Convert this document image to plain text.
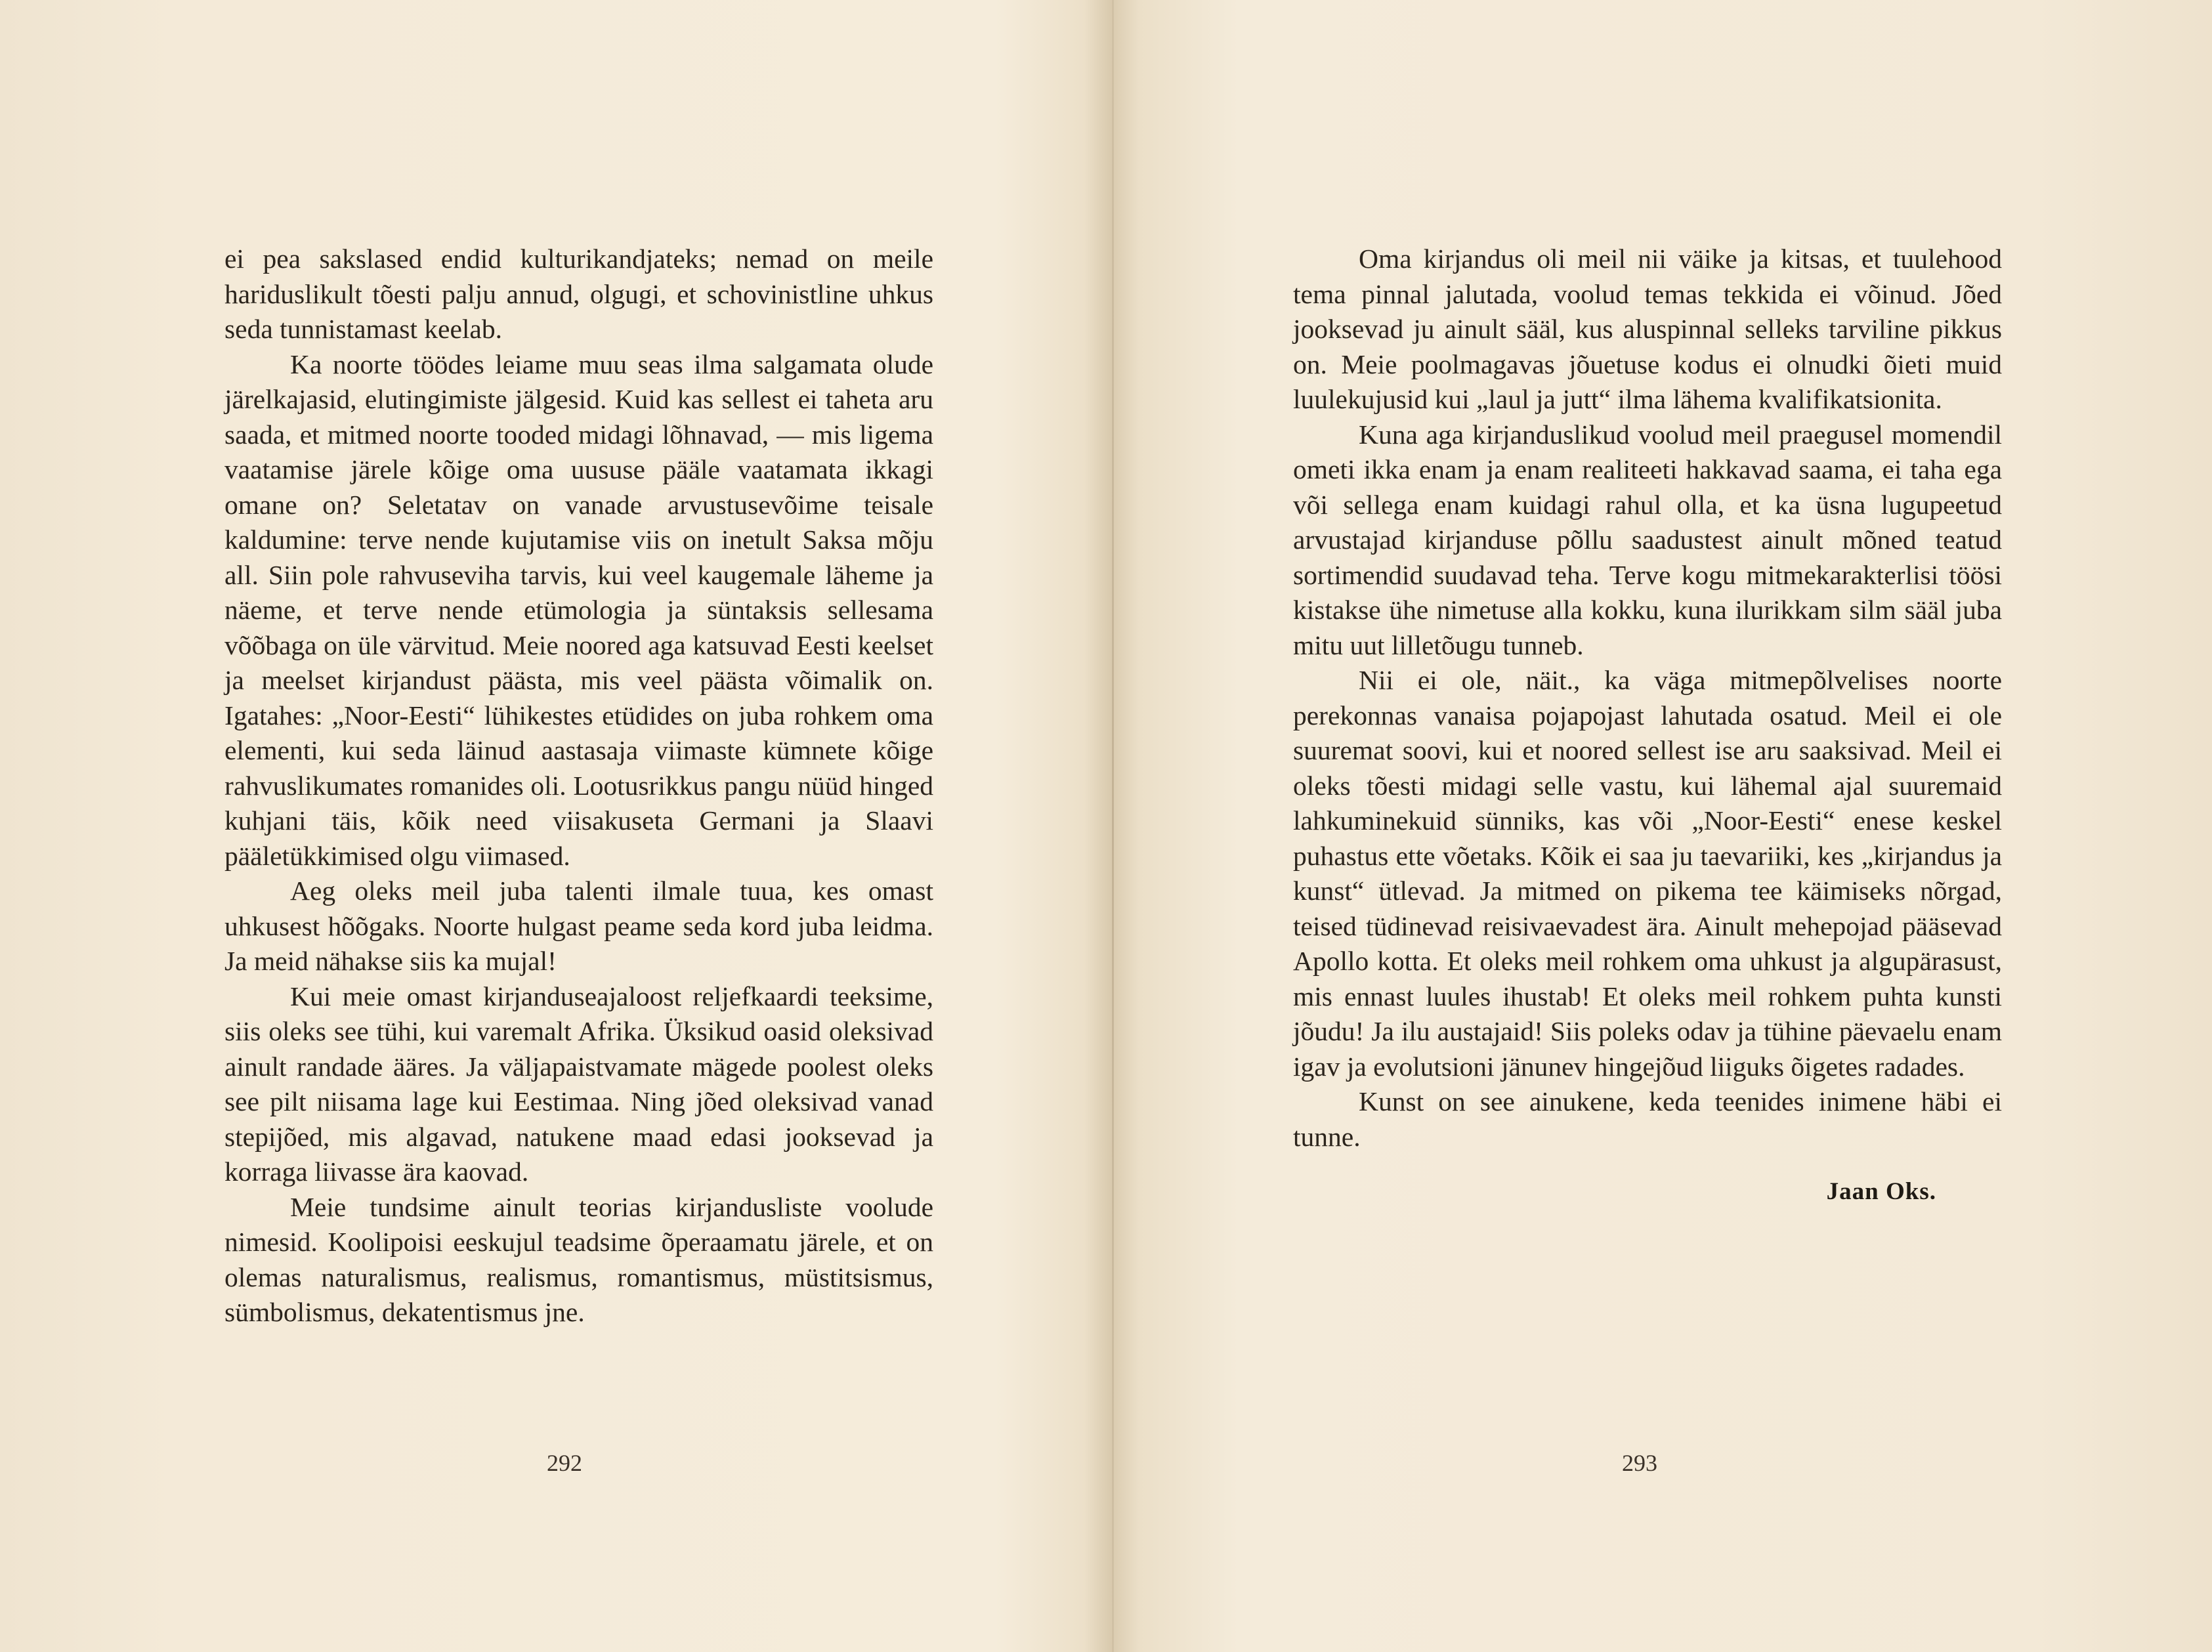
ei pea sakslased endid kulturikandjateks; nemad on meile hariduslikult tõesti palju annud, olgugi, et schovinistline uhkus seda tunnistamast keelab.

Ka noorte töödes leiame muu seas ilma salgamata olude järelkajasid, elutingimiste jälgesid. Kuid kas sellest ei taheta aru saada, et mitmed noorte tooded midagi lõhnavad, — mis ligema vaatamise järele kõige oma uususe pääle vaatamata ikkagi omane on? Seletatav on vanade arvustusevõime teisale kaldumine: terve nende kujutamise viis on inetult Saksa mõju all. Siin pole rahvuseviha tarvis, kui veel kaugemale läheme ja näeme, et terve nende etümologia ja süntaksis sellesama võõbaga on üle värvitud. Meie noored aga katsuvad Eesti keelset ja meelset kirjandust päästa, mis veel päästa võimalik on. Igatahes: „Noor-Eesti“ lühikestes etüdides on juba rohkem oma elementi, kui seda läinud aastasaja viimaste kümnete kõige rahvuslikumates romanides oli. Lootusrikkus pangu nüüd hinged kuhjani täis, kõik need viisakuseta Germani ja Slaavi pääletükkimised olgu viimased.

Aeg oleks meil juba talenti ilmale tuua, kes omast uhkusest hõõgaks. Noorte hulgast peame seda kord juba leidma. Ja meid nähakse siis ka mujal!

Kui meie omast kirjanduseajaloost reljefkaardi teeksime, siis oleks see tühi, kui varemalt Afrika. Üksikud oasid oleksivad ainult randade ääres. Ja väljapaistvamate mägede poolest oleks see pilt niisama lage kui Eestimaa. Ning jõed oleksivad vanad stepijõed, mis algavad, natukene maad edasi jooksevad ja korraga liivasse ära kaovad.

Meie tundsime ainult teorias kirjandusliste voolude nimesid. Koolipoisi eeskujul teadsime õperaamatu järele, et on olemas naturalismus, realismus, romantismus, müstitsismus, sümbolismus, dekatentismus jne.

292

Oma kirjandus oli meil nii väike ja kitsas, et tuulehood tema pinnal jalutada, voolud temas tekkida ei võinud. Jõed jooksevad ju ainult sääl, kus aluspinnal selleks tarviline pikkus on. Meie poolmagavas jõuetuse kodus ei olnudki õieti muid luulekujusid kui „laul ja jutt“ ilma lähema kvalifikatsionita.

Kuna aga kirjanduslikud voolud meil praegusel momendil ometi ikka enam ja enam realiteeti hakkavad saama, ei taha ega või sellega enam kuidagi rahul olla, et ka üsna lugupeetud arvustajad kirjanduse põllu saadustest ainult mõned teatud sortimendid suudavad teha. Terve kogu mitmekarakterlisi töösi kistakse ühe nimetuse alla kokku, kuna ilurikkam silm sääl juba mitu uut lilletõugu tunneb.

Nii ei ole, näit., ka väga mitmepõlvelises noorte perekonnas vanaisa pojapojast lahutada osatud. Meil ei ole suuremat soovi, kui et noored sellest ise aru saaksivad. Meil ei oleks tõesti midagi selle vastu, kui lähemal ajal suuremaid lahkuminekuid sünniks, kas või „Noor-Eesti“ enese keskel puhastus ette võetaks. Kõik ei saa ju taevariiki, kes „kirjandus ja kunst“ ütlevad. Ja mitmed on pikema tee käimiseks nõrgad, teised tüdinevad reisivaevadest ära. Ainult mehepojad pääsevad Apollo kotta. Et oleks meil rohkem oma uhkust ja algupärasust, mis ennast luules ihustab! Et oleks meil rohkem puhta kunsti jõudu! Ja ilu austajaid! Siis poleks odav ja tühine päevaelu enam igav ja evolutsioni jänunev hingejõud liiguks õigetes radades.

Kunst on see ainukene, keda teenides inimene häbi ei tunne.

Jaan Oks.

293
